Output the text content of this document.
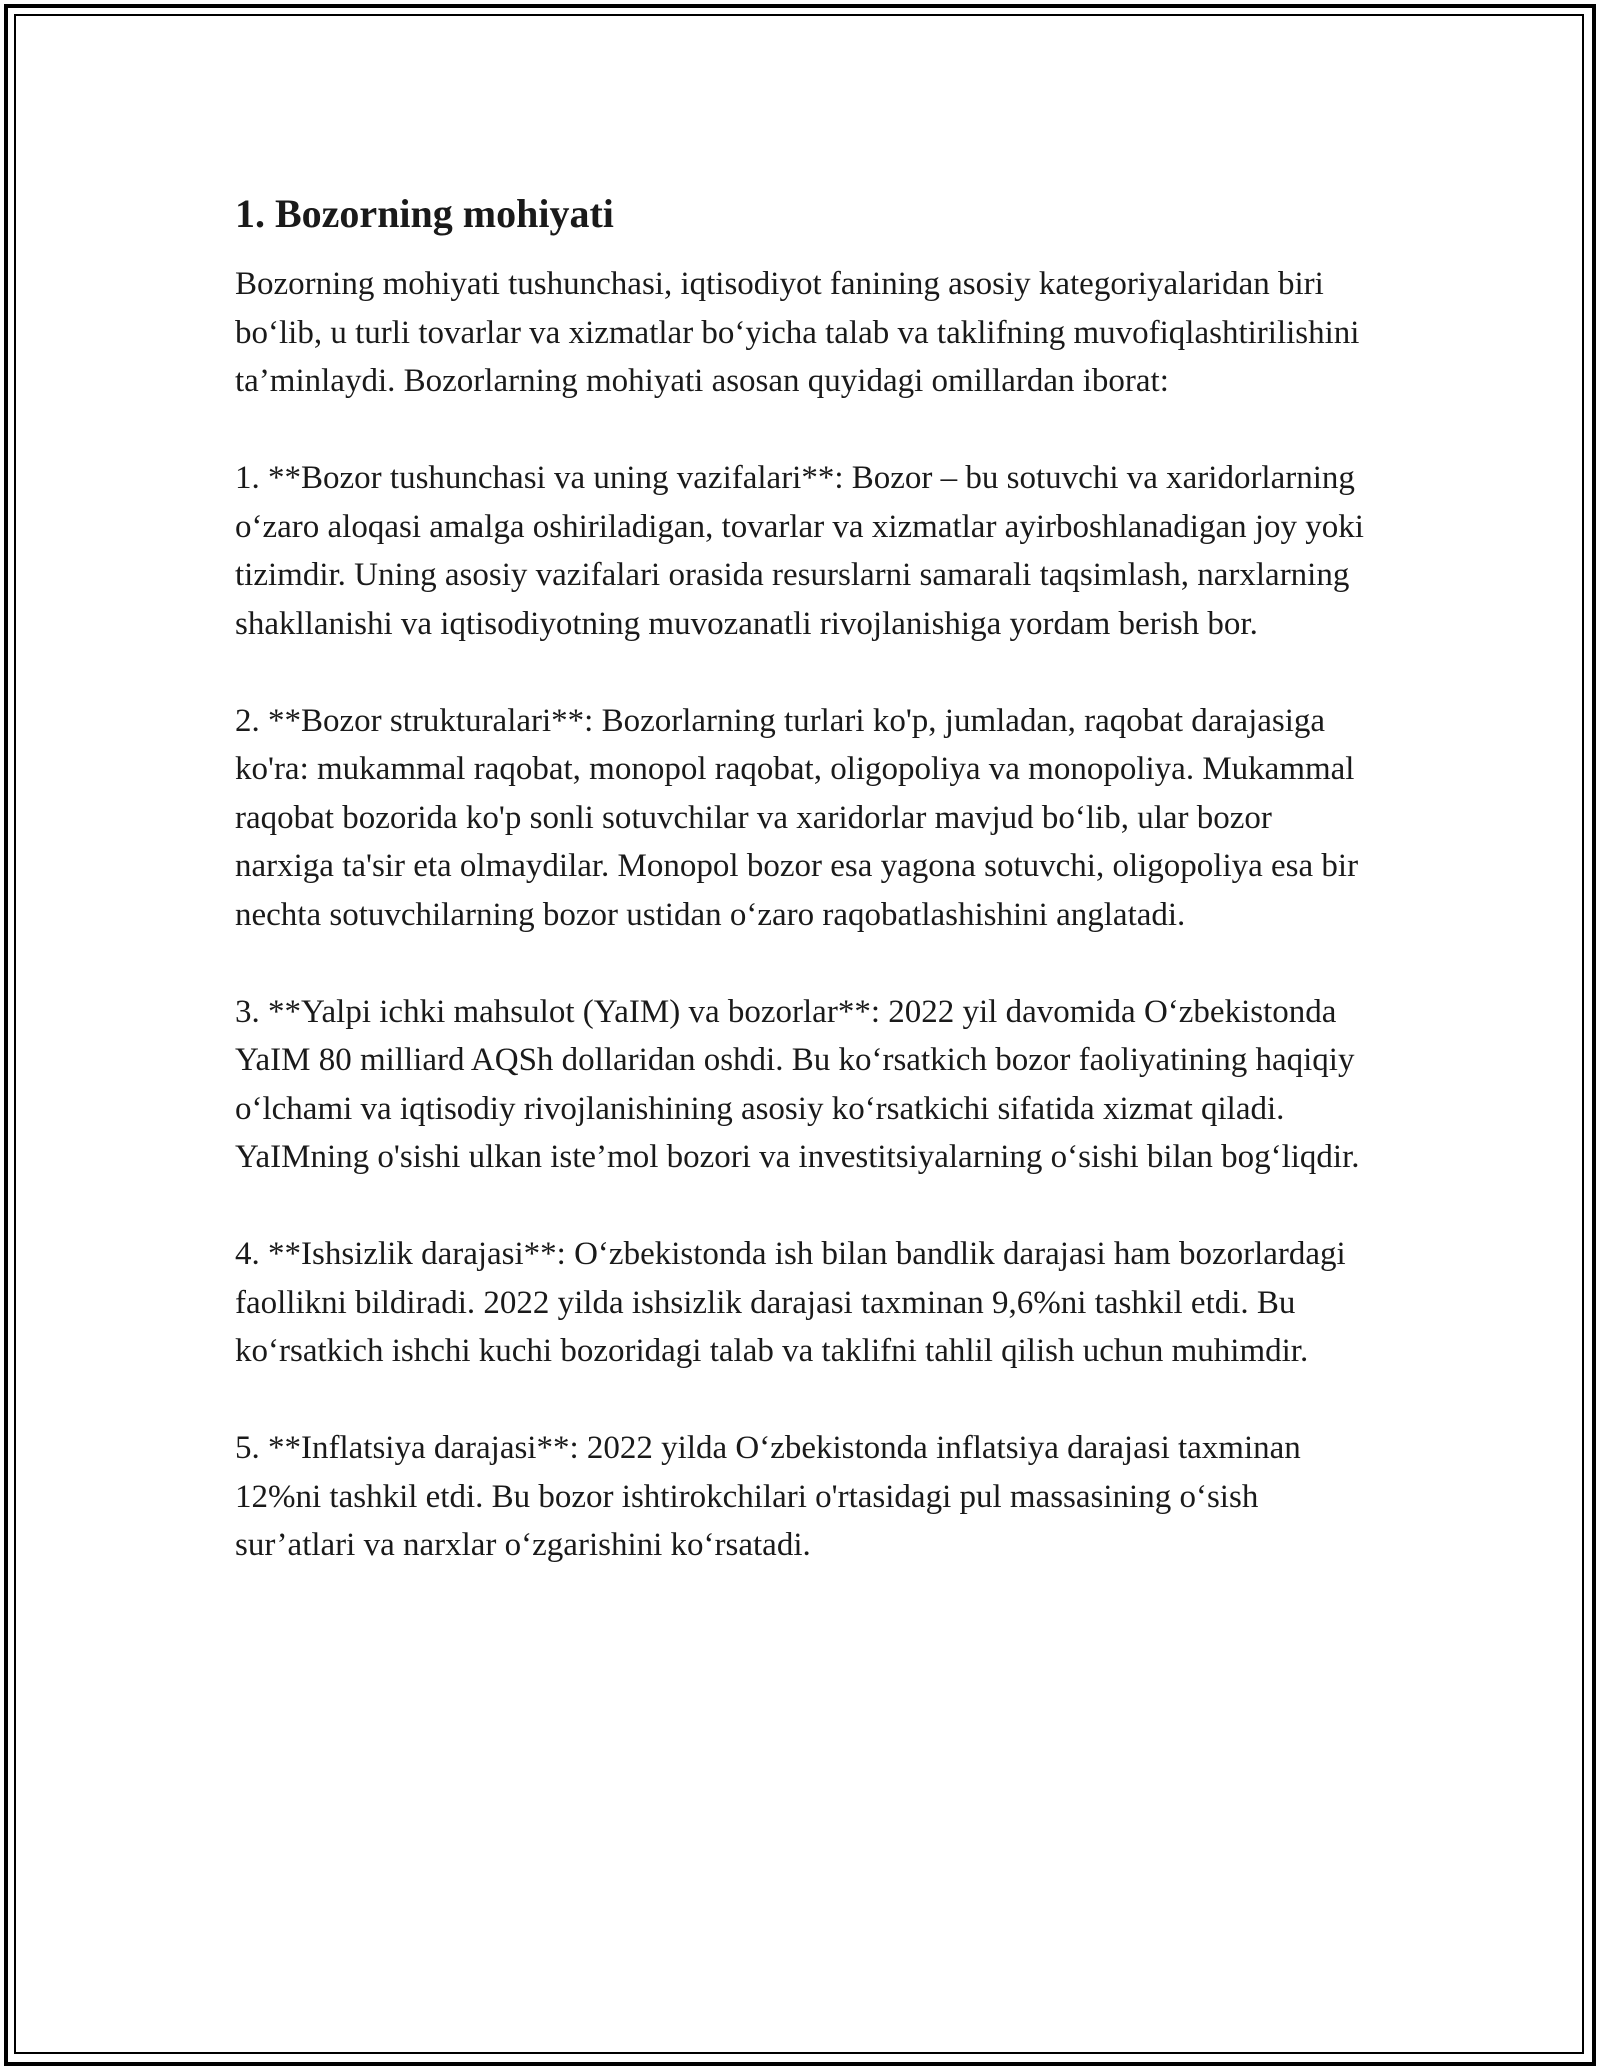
1. Bozorning mohiyati

Bozorning mohiyati tushunchasi, iqtisodiyot fanining asosiy kategoriyalaridan biri bo‘lib, u turli tovarlar va xizmatlar bo‘yicha talab va taklifning muvofiqlashtirilishini ta’minlaydi. Bozorlarning mohiyati asosan quyidagi omillardan iborat:

1. **Bozor tushunchasi va uning vazifalari**: Bozor – bu sotuvchi va xaridorlarning o‘zaro aloqasi amalga oshiriladigan, tovarlar va xizmatlar ayirboshlanadigan joy yoki tizimdir. Uning asosiy vazifalari orasida resurslarni samarali taqsimlash, narxlarning shakllanishi va iqtisodiyotning muvozanatli rivojlanishiga yordam berish bor.

2. **Bozor strukturalari**: Bozorlarning turlari ko'p, jumladan, raqobat darajasiga ko'ra: mukammal raqobat, monopol raqobat, oligopoliya va monopoliya. Mukammal raqobat bozorida ko'p sonli sotuvchilar va xaridorlar mavjud bo‘lib, ular bozor narxiga ta'sir eta olmaydilar. Monopol bozor esa yagona sotuvchi, oligopoliya esa bir nechta sotuvchilarning bozor ustidan o‘zaro raqobatlashishini anglatadi.

3. **Yalpi ichki mahsulot (YaIM) va bozorlar**: 2022 yil davomida O‘zbekistonda YaIM 80 milliard AQSh dollaridan oshdi. Bu ko‘rsatkich bozor faoliyatining haqiqiy o‘lchami va iqtisodiy rivojlanishining asosiy ko‘rsatkichi sifatida xizmat qiladi. YaIMning o'sishi ulkan iste’mol bozori va investitsiyalarning o‘sishi bilan bog‘liqdir.

4. **Ishsizlik darajasi**: O‘zbekistonda ish bilan bandlik darajasi ham bozorlardagi faollikni bildiradi. 2022 yilda ishsizlik darajasi taxminan 9,6%ni tashkil etdi. Bu ko‘rsatkich ishchi kuchi bozoridagi talab va taklifni tahlil qilish uchun muhimdir.

5. **Inflatsiya darajasi**: 2022 yilda O‘zbekistonda inflatsiya darajasi taxminan 12%ni tashkil etdi. Bu bozor ishtirokchilari o'rtasidagi pul massasining o‘sish sur’atlari va narxlar o‘zgarishini ko‘rsatadi.
